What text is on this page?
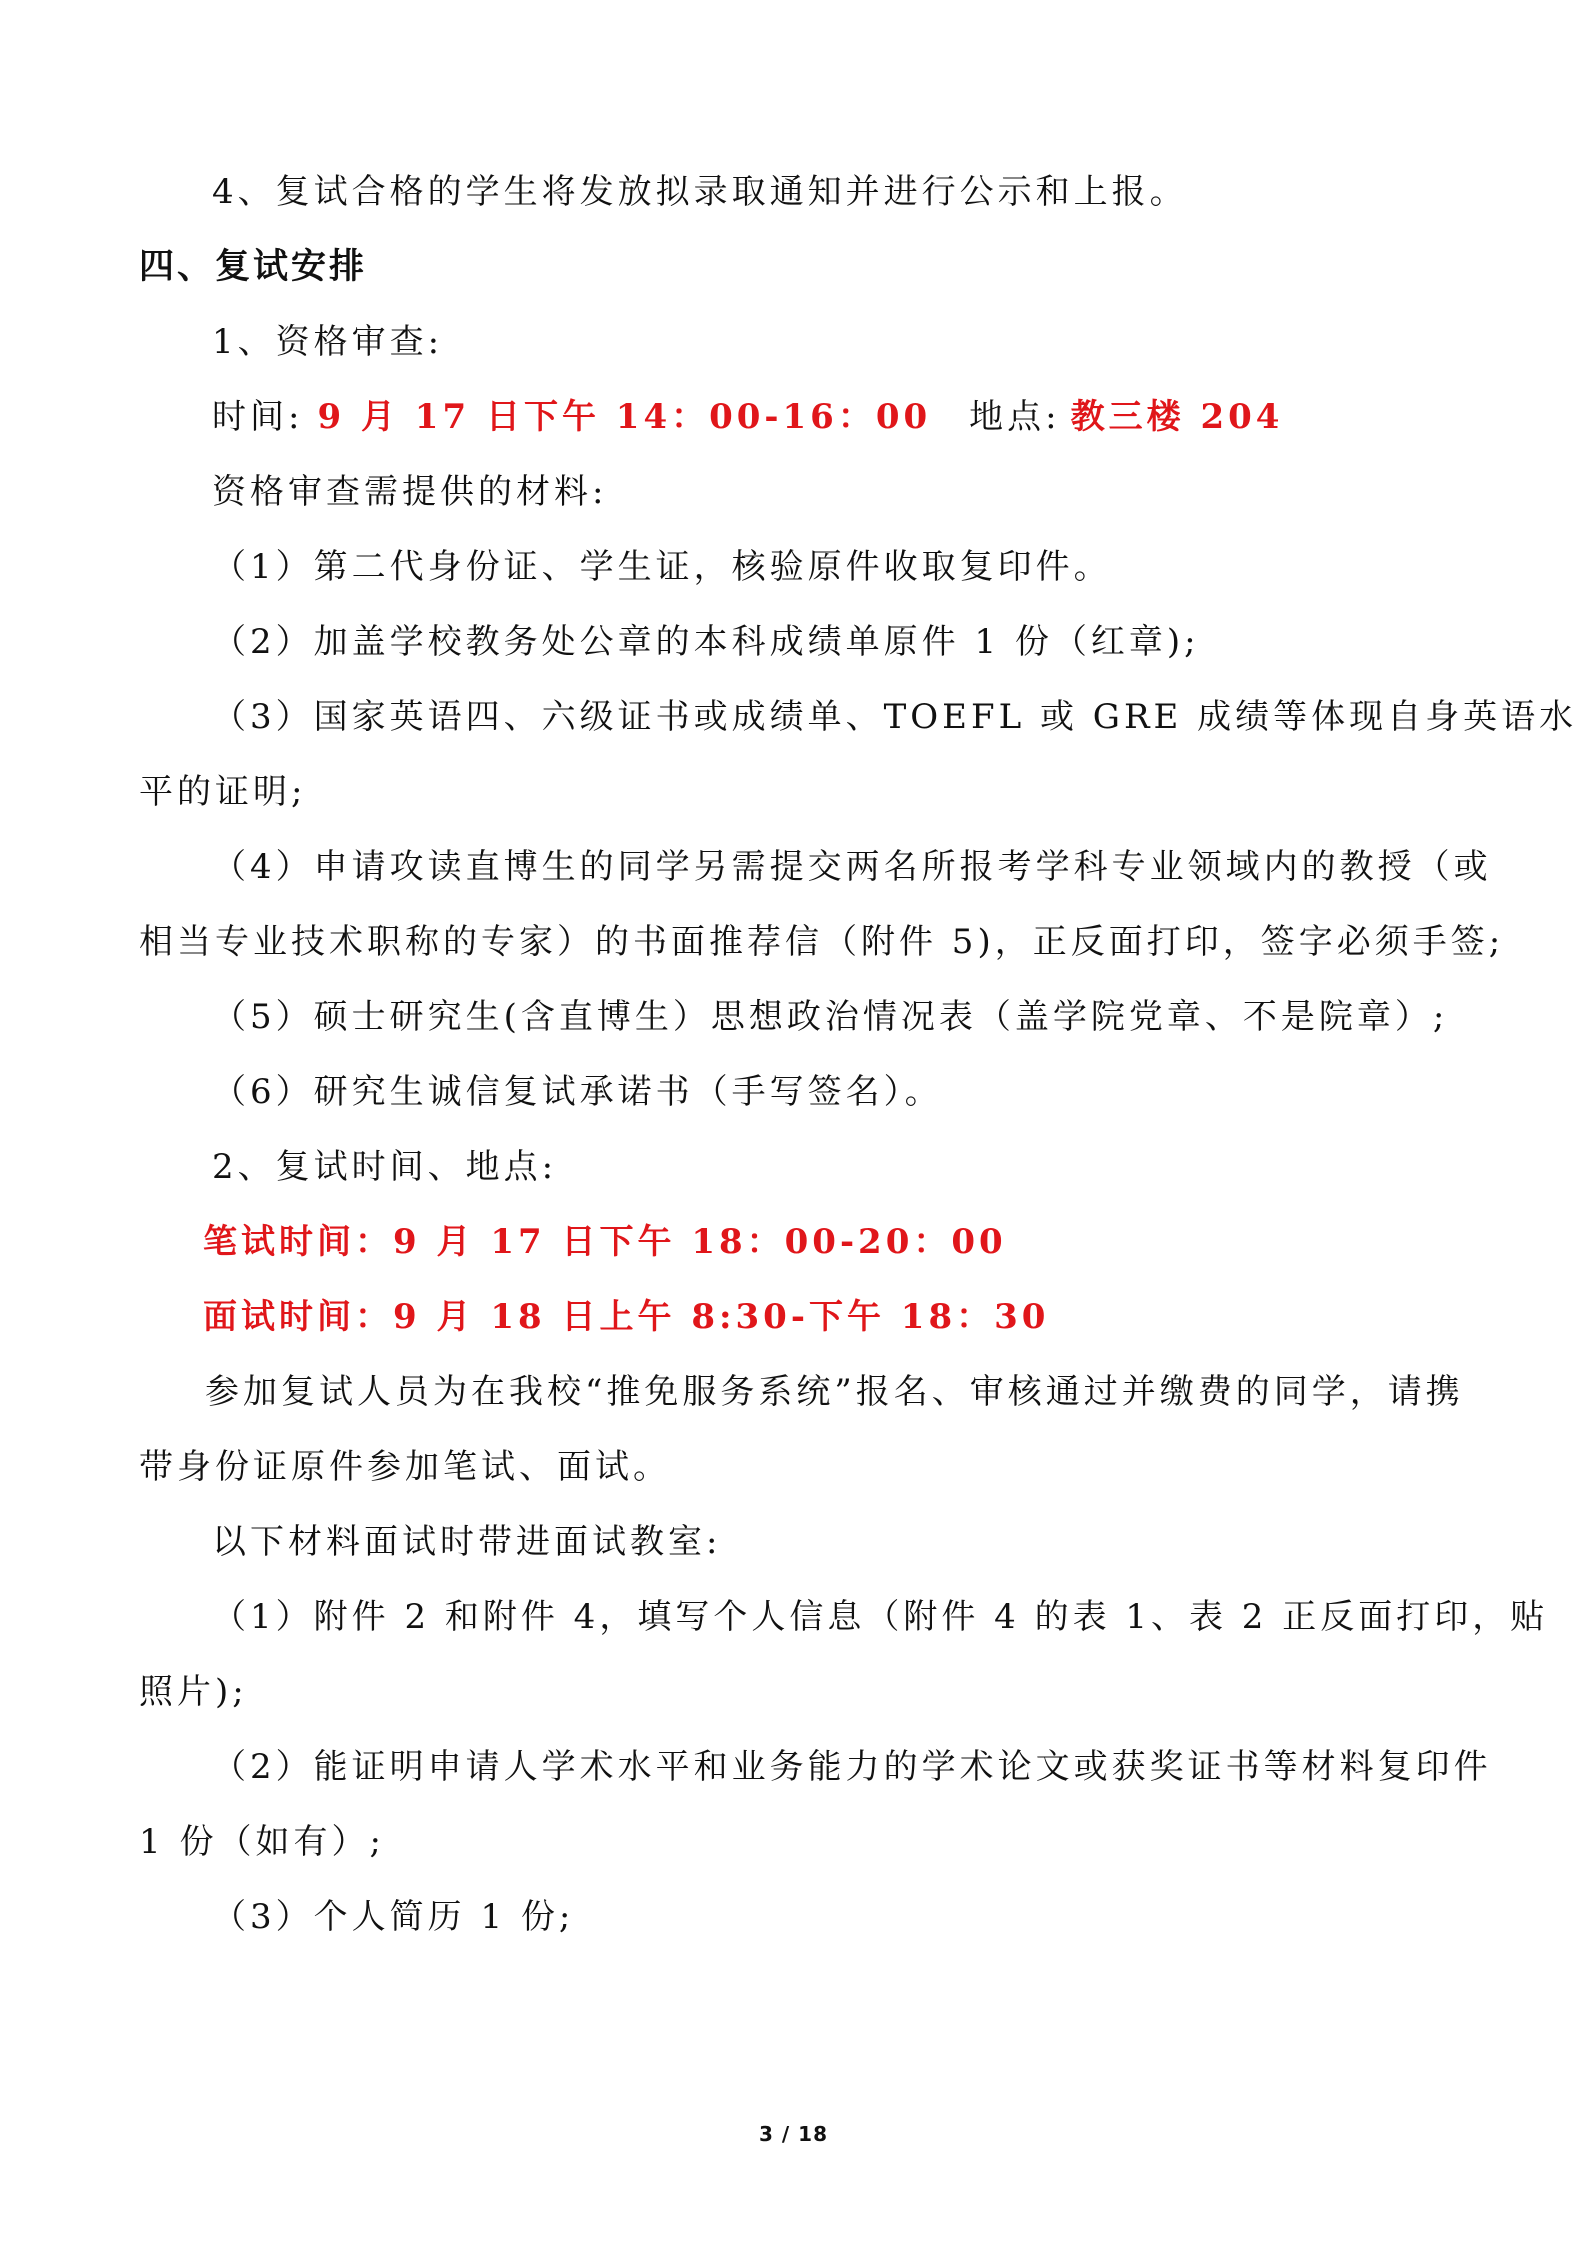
4、复试合格的学生将发放拟录取通知并进行公示和上报。
四、复试安排
1、资格审查:
时间: 9 月 17 日下午 14：00-16：00 地点: 教三楼 204
资格审查需提供的材料:
（1）第二代身份证、学生证，核验原件收取复印件。
（2）加盖学校教务处公章的本科成绩单原件 1 份（红章);
（3）国家英语四、六级证书或成绩单、TOEFL 或 GRE 成绩等体现自身英语水
平的证明;
（4）申请攻读直博生的同学另需提交两名所报考学科专业领域内的教授（或
相当专业技术职称的专家）的书面推荐信（附件 5)，正反面打印，签字必须手签;
（5）硕士研究生(含直博生）思想政治情况表（盖学院党章、不是院章）;
（6）研究生诚信复试承诺书（手写签名）。
2、复试时间、地点:
笔试时间：9 月 17 日下午 18：00-20：00
面试时间：9 月 18 日上午 8:30-下午 18：30
参加复试人员为在我校“推免服务系统”报名、审核通过并缴费的同学，请携
带身份证原件参加笔试、面试。
以下材料面试时带进面试教室:
（1）附件 2 和附件 4，填写个人信息（附件 4 的表 1、表 2 正反面打印，贴
照片);
（2）能证明申请人学术水平和业务能力的学术论文或获奖证书等材料复印件
1 份（如有）;
（3）个人简历 1 份;
3 / 18
